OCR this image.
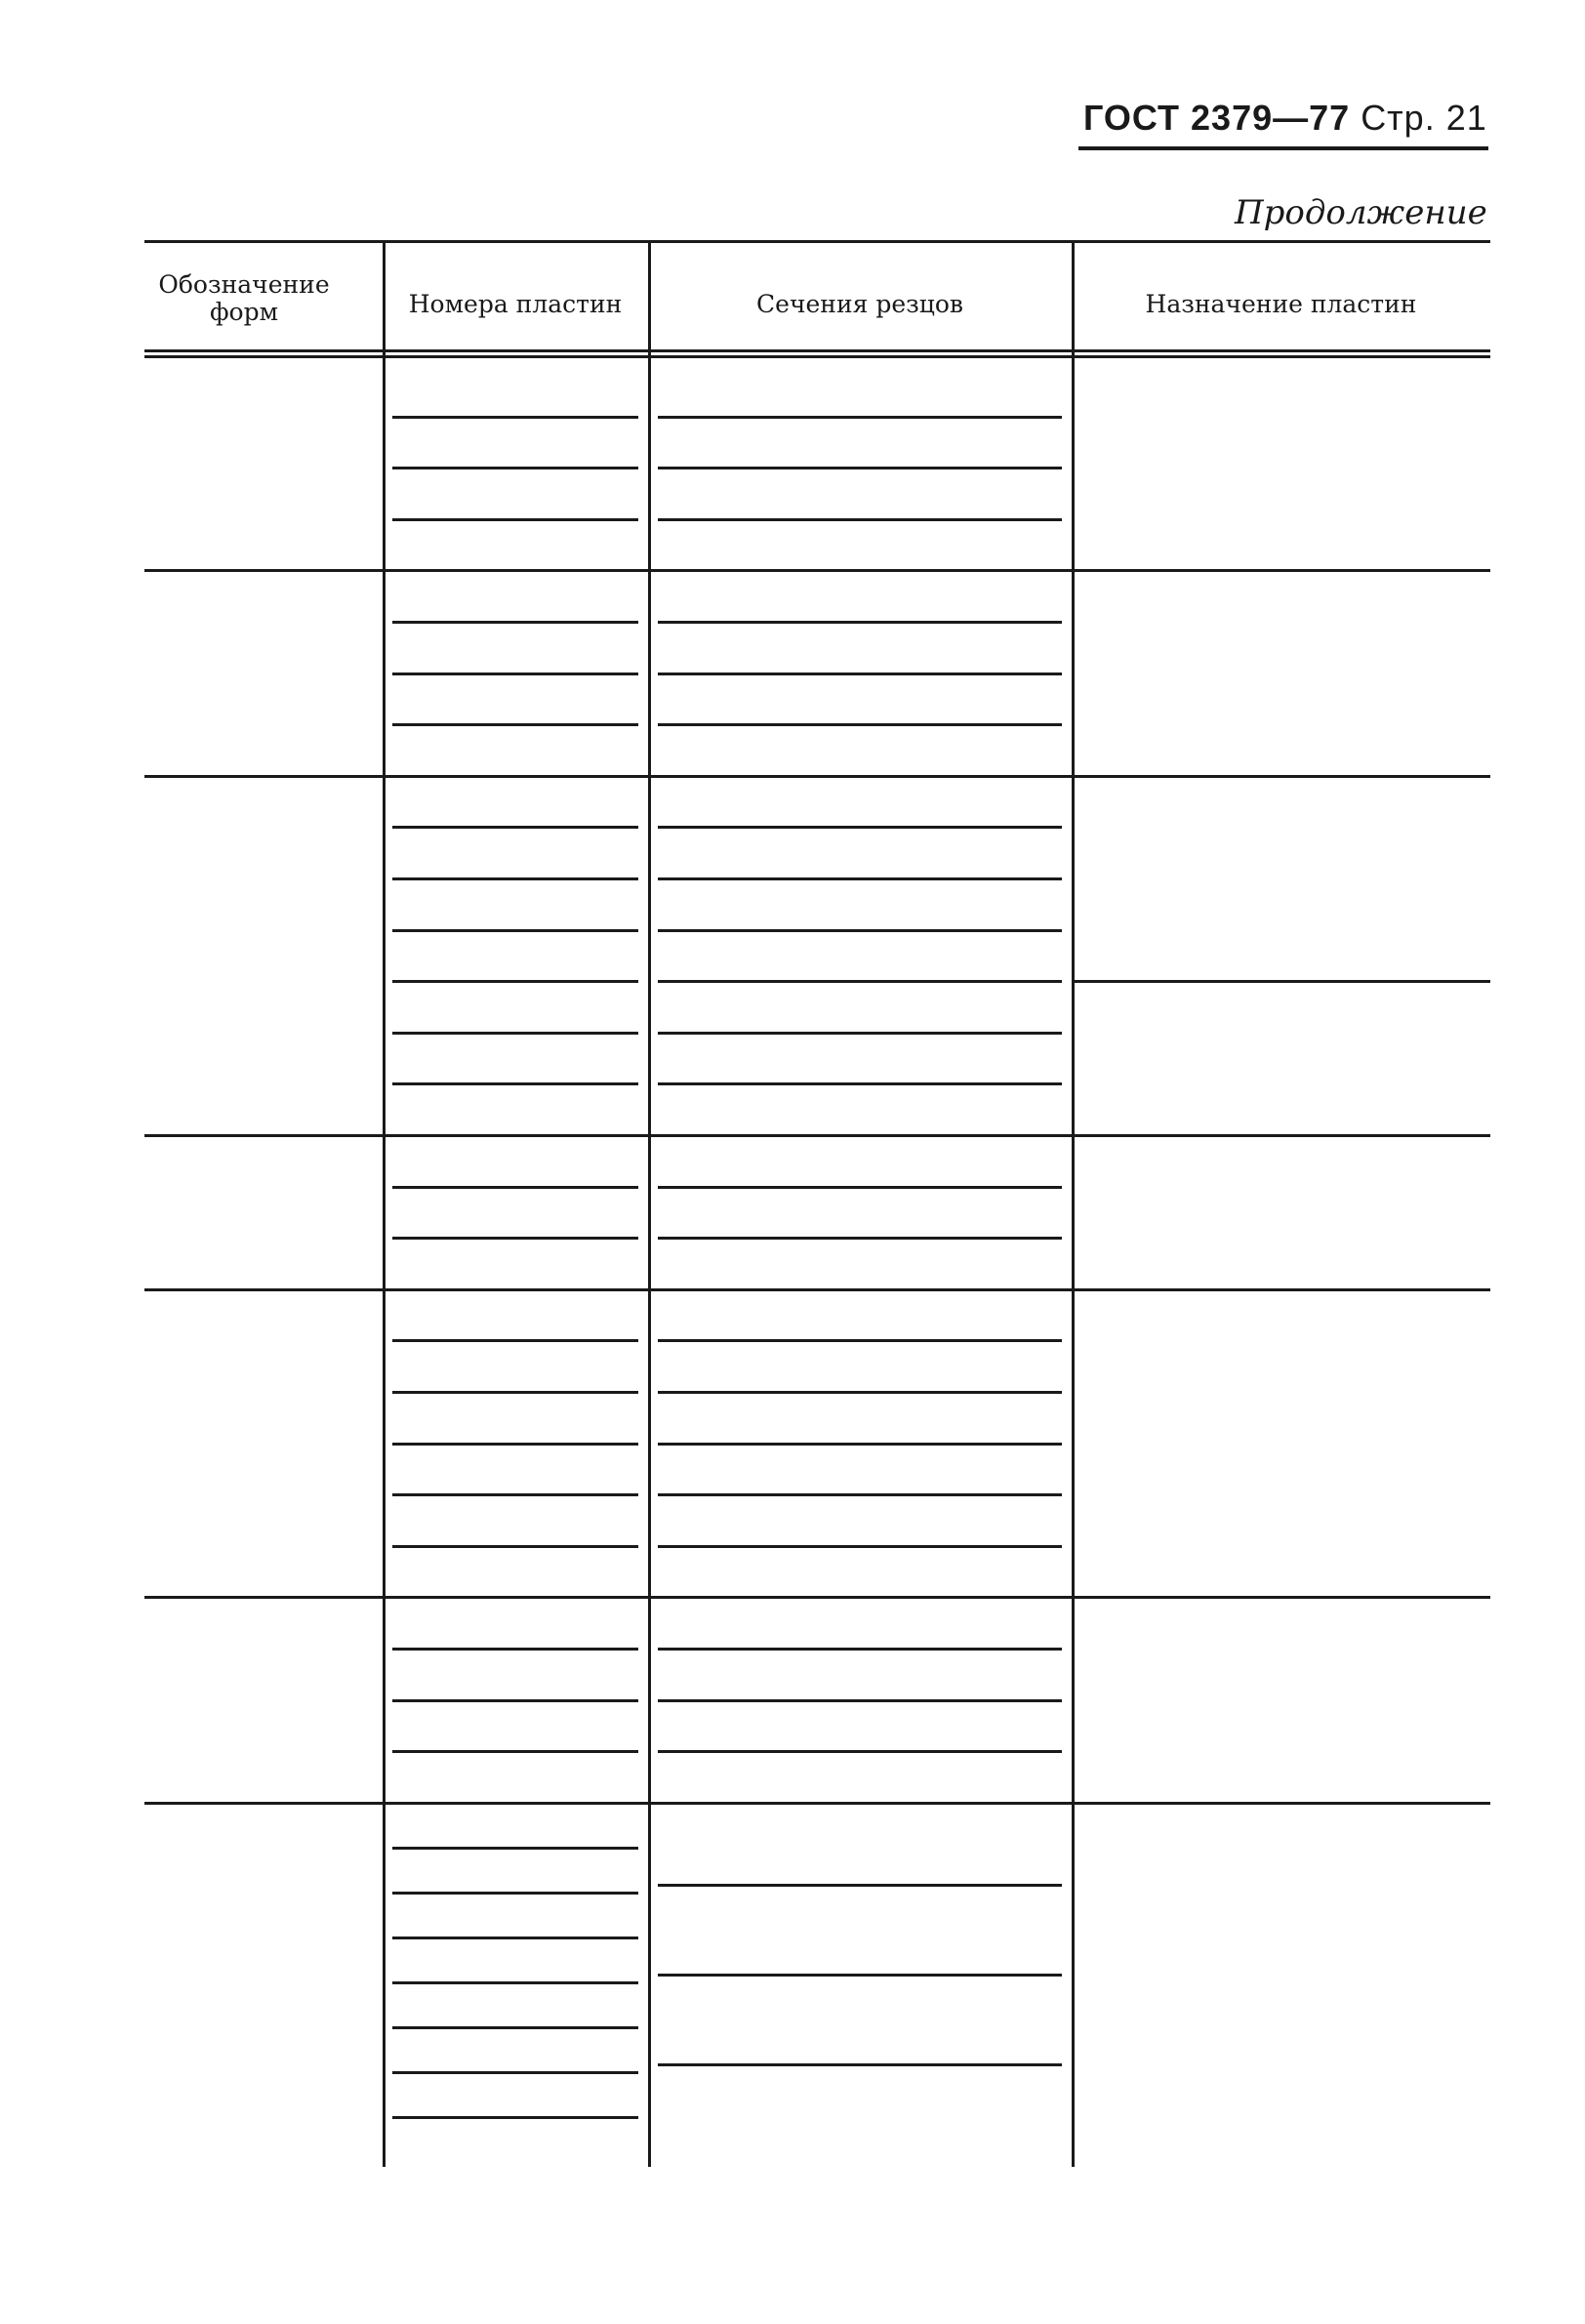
ГОСТ 2379—77 Стр. 21
Продолжение
Обозначение форм	Номера пластин	Сечения резцов	Назначение пластин
